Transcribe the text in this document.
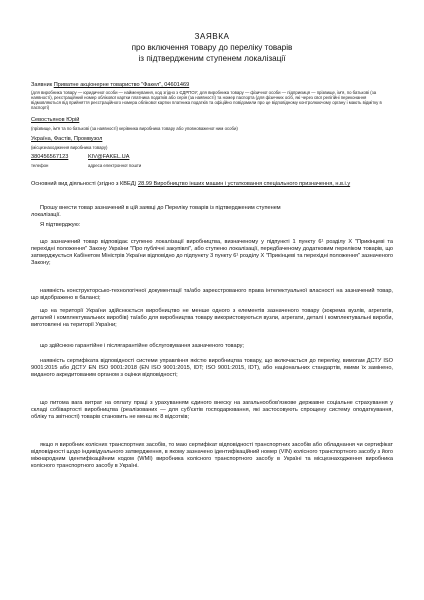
ЗАЯВКА
про включення товару до переліку товарів
із підтвердженим ступенем локалізації
Заявник Приватне акціонерне товариство "Факел", 04601469
(для виробника товару — юридичної особи — найменування, код згідно з ЄДРПОУ; для виробника товару — фізичної особи — підприємця — прізвище, ім'я, по батькові (за наявності), реєстраційний номер облікової картки платника податків або серія (за наявності) та номер паспорта (для фізичних осіб, які через свої релігійні переконання відмовляються від прийняття реєстраційного номера облікової картки платника податків та офіційно повідомили про це відповідному контролюючому органу і мають відмітку в паспорті)
Севостьянов Юрій
(прізвище, ім'я та по батькові (за наявності) керівника виробника товару або уповноваженої ним особи)
Україна, Фастів, Промвузол
(місцезнаходження виробника товару)
380456567123	KIV@FAKEL.UA
телефон	адреса електронної пошти
Основний вид діяльності (згідно з КВЕД) 28.99 Виробництво інших машин і устатковання спеціального призначення, н.в.і.у
Прошу внести товар зазначений в цій заявці до Переліку товарів із підтвердженим ступенем
локалізації.
Я підтверджую:
що зазначений товар відповідає ступеню локалізації виробництва, визначеному у підпункті 1 пункту 6¹ розділу X "Прикінцеві та перехідні положення" Закону України "Про публічні закупівлі", або ступеню локалізації, передбаченому додатковим переліком товарів, що затверджується Кабінетом Міністрів України відповідно до підпункту 3 пункту 6¹ розділу X "Прикінцеві та перехідні положення" зазначеного Закону;
наявність конструкторсько-технологічної документації та/або зареєстрованого права інтелектуальної власності на зазначений товар, що відображено в балансі;
що на території України здійснюється виробництво не менше одного з елементів зазначеного товару (зокрема вузлів, агрегатів, деталей і комплектувальних виробів) та/або для виробництва товару використовуються вузли, агрегати, деталі і комплектувальні вироби, виготовлені на території України;
що здійснюю гарантійне і післягарантійне обслуговування зазначеного товару;
наявність сертифіката відповідності системи управління якістю виробництва товару, що включається до переліку, вимогам ДСТУ ISO 9001:2015 або ДСТУ EN ISO 9001:2018 (EN ISO 9001:2015, IDT; ISO 9001:2015, IDT), або національних стандартів, якими їх замінено, виданого акредитованим органом з оцінки відповідності;
що питома вага витрат на оплату праці з урахуванням єдиного внеску на загальнообов'язкове державне соціальне страхування у складі собівартості виробництва (реалізованих — для суб'єктів господарювання, які застосовують спрощену систему оподаткування, обліку та звітності) товарів становить не менш як 8 відсотків;
якщо я виробник колісних транспортних засобів, то маю сертифікат відповідності транспортних засобів або обладнання чи сертифікат відповідності щодо індивідуального затвердження, в якому зазначено ідентифікаційний номер (VIN) колісного транспортного засобу з його міжнародним ідентифікаційним кодом (WMI) виробника колісного транспортного засобу в Україні та місцезнаходження виробника колісного транспортного засобу в Україні.
